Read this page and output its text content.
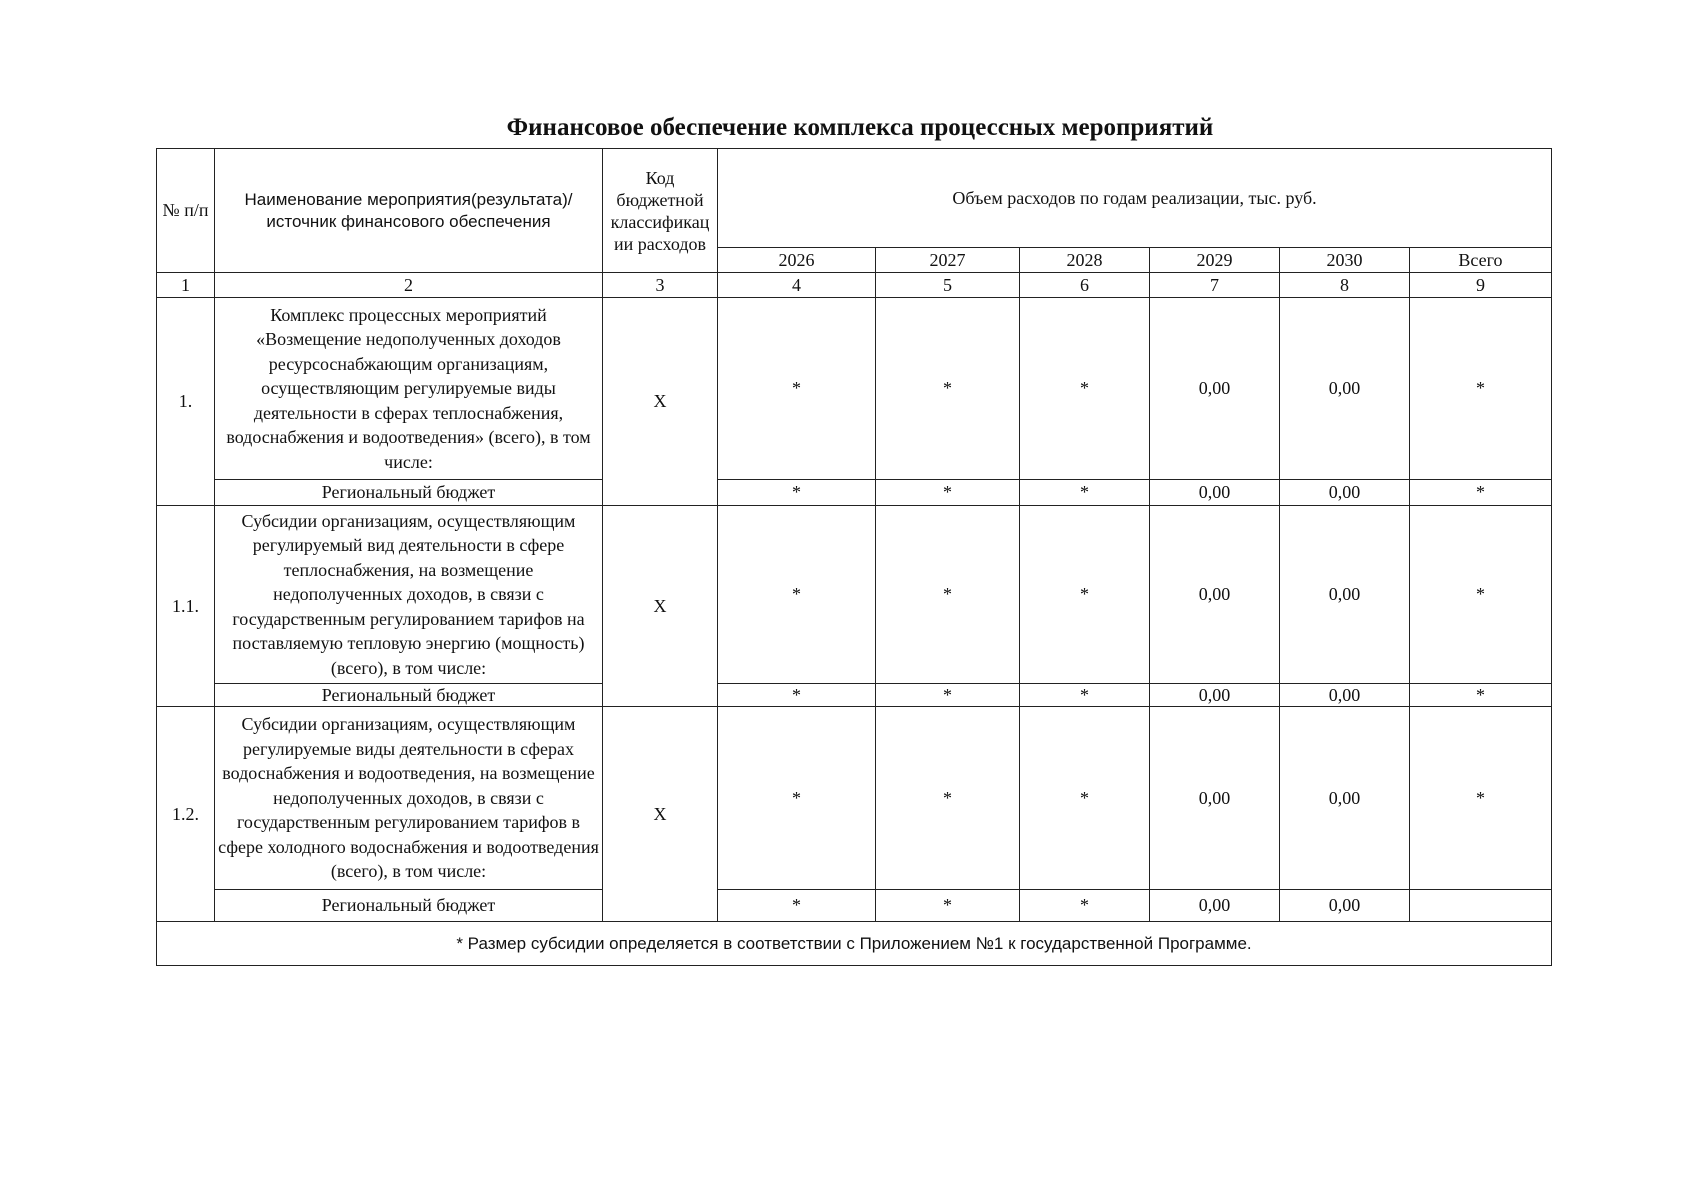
Финансовое обеспечение комплекса процессных мероприятий
№ п/п	Наименование мероприятия(результата)/ источник финансового обеспечения	Код
бюджетной
классификац
ии расходов	Объем расходов по годам реализации, тыс. руб.					
			2026	2027	2028	2029	2030	Всего
1	2	3	4	5	6	7	8	9
1.	Комплекс процессных мероприятий «Возмещение недополученных доходов ресурсоснабжающим организациям, осуществляющим регулируемые виды деятельности в сферах теплоснабжения, водоснабжения и водоотведения» (всего), в том числе:	X	*	*	*	0,00	0,00	*
	Региональный бюджет		*	*	*	0,00	0,00	*
1.1.	Субсидии организациям, осуществляющим регулируемый вид деятельности в сфере теплоснабжения, на возмещение недополученных доходов, в связи с государственным регулированием тарифов на поставляемую тепловую энергию (мощность) (всего), в том числе:	X	*	*	*	0,00	0,00	*
	Региональный бюджет		*	*	*	0,00	0,00	*
1.2.	Субсидии организациям, осуществляющим регулируемые виды деятельности в сферах водоснабжения и водоотведения, на возмещение недополученных доходов, в связи с государственным регулированием тарифов в сфере холодного водоснабжения и водоотведения (всего), в том числе:	X	*	*	*	0,00	0,00	*
	Региональный бюджет		*	*	*	0,00	0,00	
* Размер субсидии определяется в соответствии с Приложением №1 к государственной Программе.								
